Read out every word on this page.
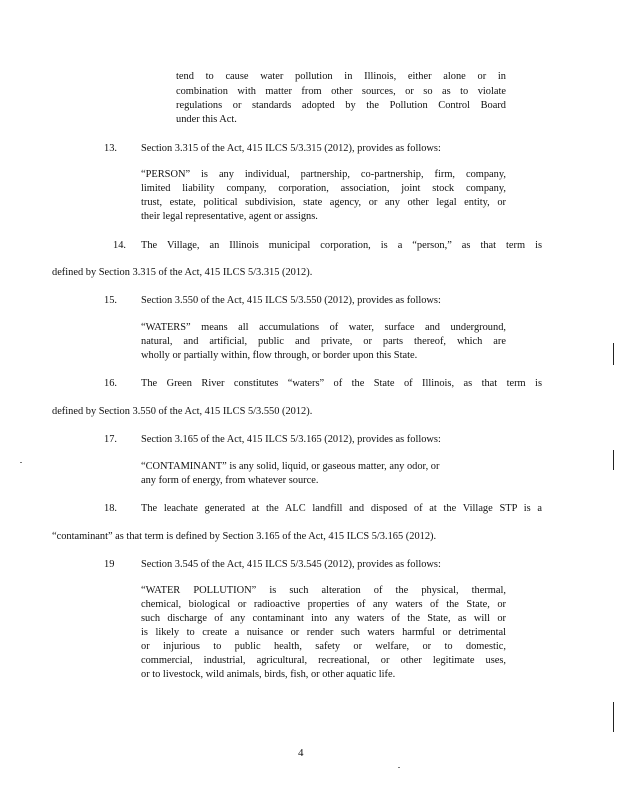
tend to cause water pollution in Illinois, either alone or in
combination with matter from other sources, or so as to violate
regulations or standards adopted by the Pollution Control Board
under this Act.
13. Section 3.315 of the Act, 415 ILCS 5/3.315 (2012), provides as follows:
“PERSON” is any individual, partnership, co-partnership, firm, company,
limited liability company, corporation, association, joint stock company,
trust, estate, political subdivision, state agency, or any other legal entity, or
their legal representative, agent or assigns.
14. The Village, an Illinois municipal corporation, is a “person,” as that term is
defined by Section 3.315 of the Act, 415 ILCS 5/3.315 (2012).
15. Section 3.550 of the Act, 415 ILCS 5/3.550 (2012), provides as follows:
“WATERS” means all accumulations of water, surface and underground,
natural, and artificial, public and private, or parts thereof, which are
wholly or partially within, flow through, or border upon this State.
16. The Green River constitutes “waters” of the State of Illinois, as that term is
defined by Section 3.550 of the Act, 415 ILCS 5/3.550 (2012).
17. Section 3.165 of the Act, 415 ILCS 5/3.165 (2012), provides as follows:
“CONTAMINANT” is any solid, liquid, or gaseous matter, any odor, or
any form of energy, from whatever source.
18. The leachate generated at the ALC landfill and disposed of at the Village STP is a
“contaminant” as that term is defined by Section 3.165 of the Act, 415 ILCS 5/3.165 (2012).
19	Section 3.545 of the Act, 415 ILCS 5/3.545 (2012), provides as follows:
“WATER POLLUTION” is such alteration of the physical, thermal,
chemical, biological or radioactive properties of any waters of the State, or
such discharge of any contaminant into any waters of the State, as will or
is likely to create a nuisance or render such waters harmful or detrimental
or injurious to public health, safety or welfare, or to domestic,
commercial, industrial, agricultural, recreational, or other legitimate uses,
or to livestock, wild animals, birds, fish, or other aquatic life.
4
